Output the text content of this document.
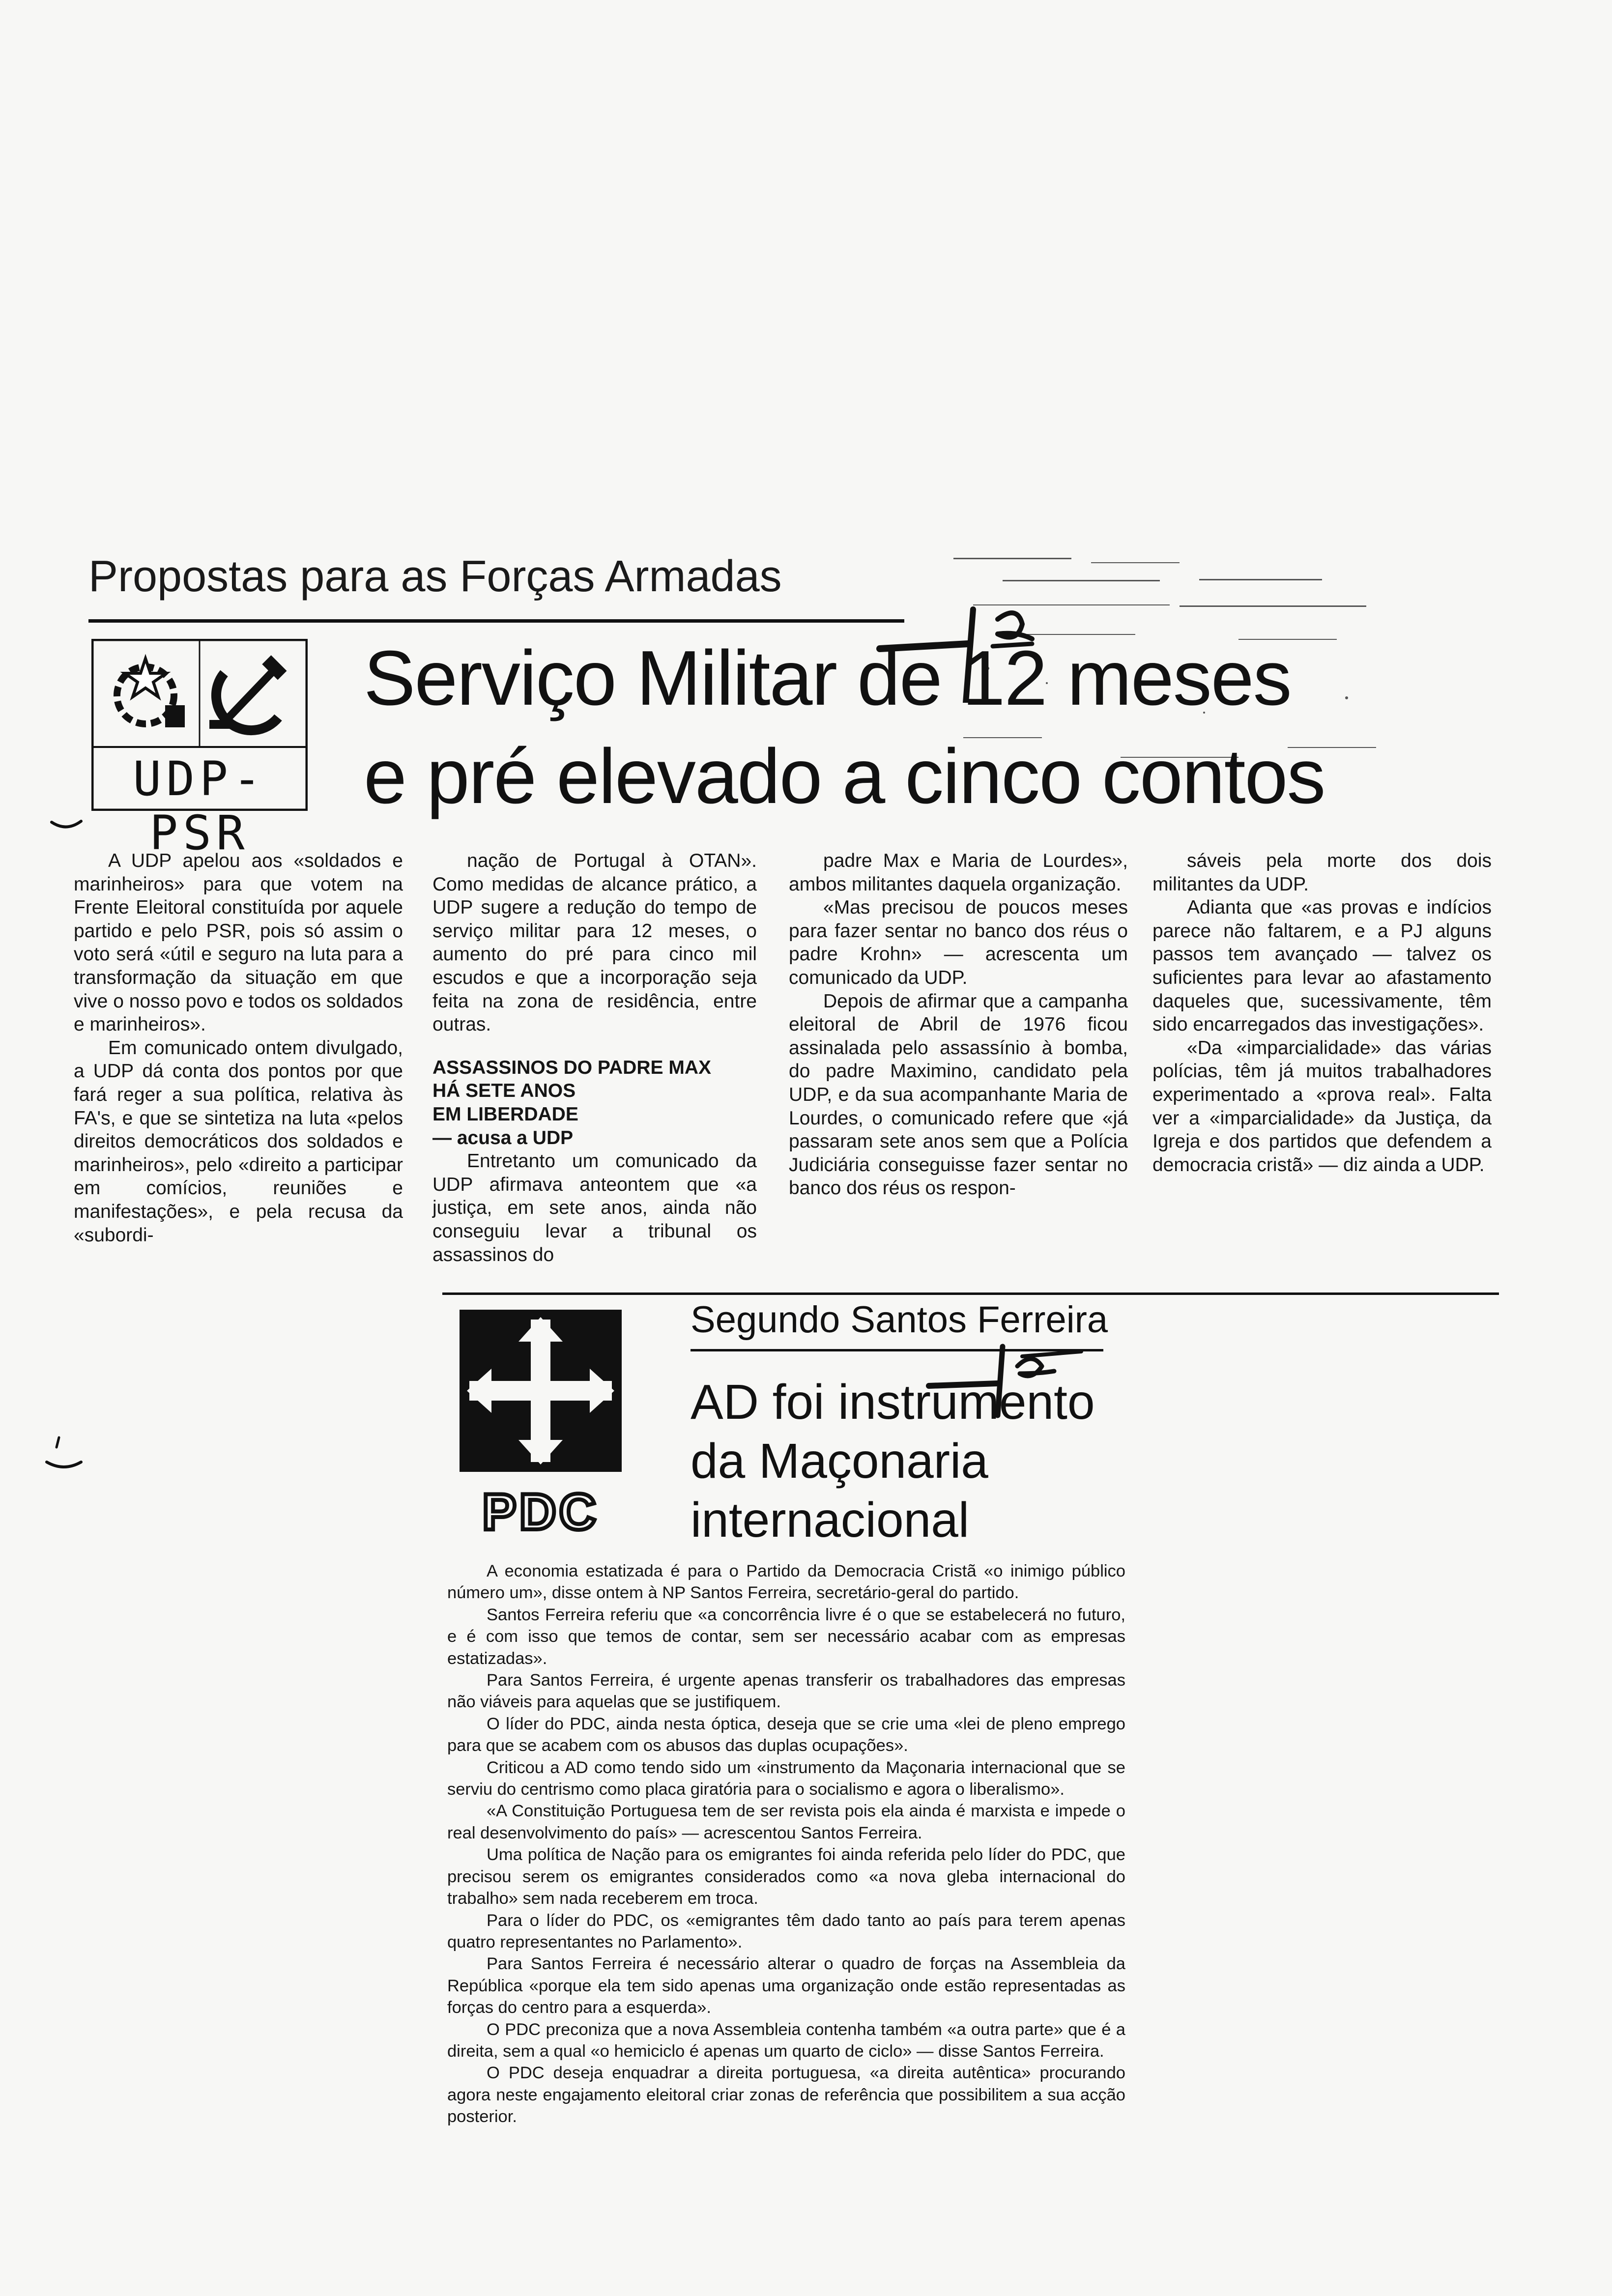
Propostas para as Forças Armadas
UDP-PSR
Serviço Militar de 12 meses
e pré elevado a cinco contos

A UDP apelou aos «soldados e marinheiros» para que votem na Frente Eleitoral constituída por aquele partido e pelo PSR, pois só assim o voto será «útil e seguro na luta para a transformação da situação em que vive o nosso povo e todos os soldados e marinheiros».

Em comunicado ontem divulgado, a UDP dá conta dos pontos por que fará reger a sua política, relativa às FA's, e que se sintetiza na luta «pelos direitos democráticos dos soldados e marinheiros», pelo «direito a participar em comícios, reuniões e manifestações», e pela recusa da «subordi-

nação de Portugal à OTAN». Como medidas de alcance prático, a UDP sugere a redução do tempo de serviço militar para 12 meses, o aumento do pré para cinco mil escudos e que a incorporação seja feita na zona de residência, entre outras.

ASSASSINOS DO PADRE MAX

HÁ SETE ANOS

EM LIBERDADE

— acusa a UDP

Entretanto um comunicado da UDP afirmava anteontem que «a justiça, em sete anos, ainda não conseguiu levar a tribunal os assassinos do

padre Max e Maria de Lourdes», ambos militantes daquela organização.

«Mas precisou de poucos meses para fazer sentar no banco dos réus o padre Krohn» — acrescenta um comunicado da UDP.

Depois de afirmar que a campanha eleitoral de Abril de 1976 ficou assinalada pelo assassínio à bomba, do padre Maximino, candidato pela UDP, e da sua acompanhante Maria de Lourdes, o comunicado refere que «já passaram sete anos sem que a Polícia Judiciária conseguisse fazer sentar no banco dos réus os respon-

sáveis pela morte dos dois militantes da UDP.

Adianta que «as provas e indícios parece não faltarem, e a PJ alguns passos tem avançado — talvez os suficientes para levar ao afastamento daqueles que, sucessivamente, têm sido encarregados das investigações».

«Da «imparcialidade» das várias polícias, têm já muitos trabalhadores experimentado a «prova real». Falta ver a «imparcialidade» da Justiça, da Igreja e dos partidos que defendem a democracia cristã» — diz ainda a UDP.

PDC
Segundo Santos Ferreira
AD foi instrumento
da Maçonaria
internacional

A economia estatizada é para o Partido da Democracia Cristã «o inimigo público número um», disse ontem à NP Santos Ferreira, secretário-geral do partido.

Santos Ferreira referiu que «a concorrência livre é o que se estabelecerá no futuro, e é com isso que temos de contar, sem ser necessário acabar com as empresas estatizadas».

Para Santos Ferreira, é urgente apenas transferir os trabalhadores das empresas não viáveis para aquelas que se justifiquem.

O líder do PDC, ainda nesta óptica, deseja que se crie uma «lei de pleno emprego para que se acabem com os abusos das duplas ocupações».

Criticou a AD como tendo sido um «instrumento da Maçonaria internacional que se serviu do centrismo como placa giratória para o socialismo e agora o liberalismo».

«A Constituição Portuguesa tem de ser revista pois ela ainda é marxista e impede o real desenvolvimento do país» — acrescentou Santos Ferreira.

Uma política de Nação para os emigrantes foi ainda referida pelo líder do PDC, que precisou serem os emigrantes considerados como «a nova gleba internacional do trabalho» sem nada receberem em troca.

Para o líder do PDC, os «emigrantes têm dado tanto ao país para terem apenas quatro representantes no Parlamento».

Para Santos Ferreira é necessário alterar o quadro de forças na Assembleia da República «porque ela tem sido apenas uma organização onde estão representadas as forças do centro para a esquerda».

O PDC preconiza que a nova Assembleia contenha também «a outra parte» que é a direita, sem a qual «o hemiciclo é apenas um quarto de ciclo» — disse Santos Ferreira.

O PDC deseja enquadrar a direita portuguesa, «a direita autêntica» procurando agora neste engajamento eleitoral criar zonas de referência que possibilitem a sua acção posterior.
